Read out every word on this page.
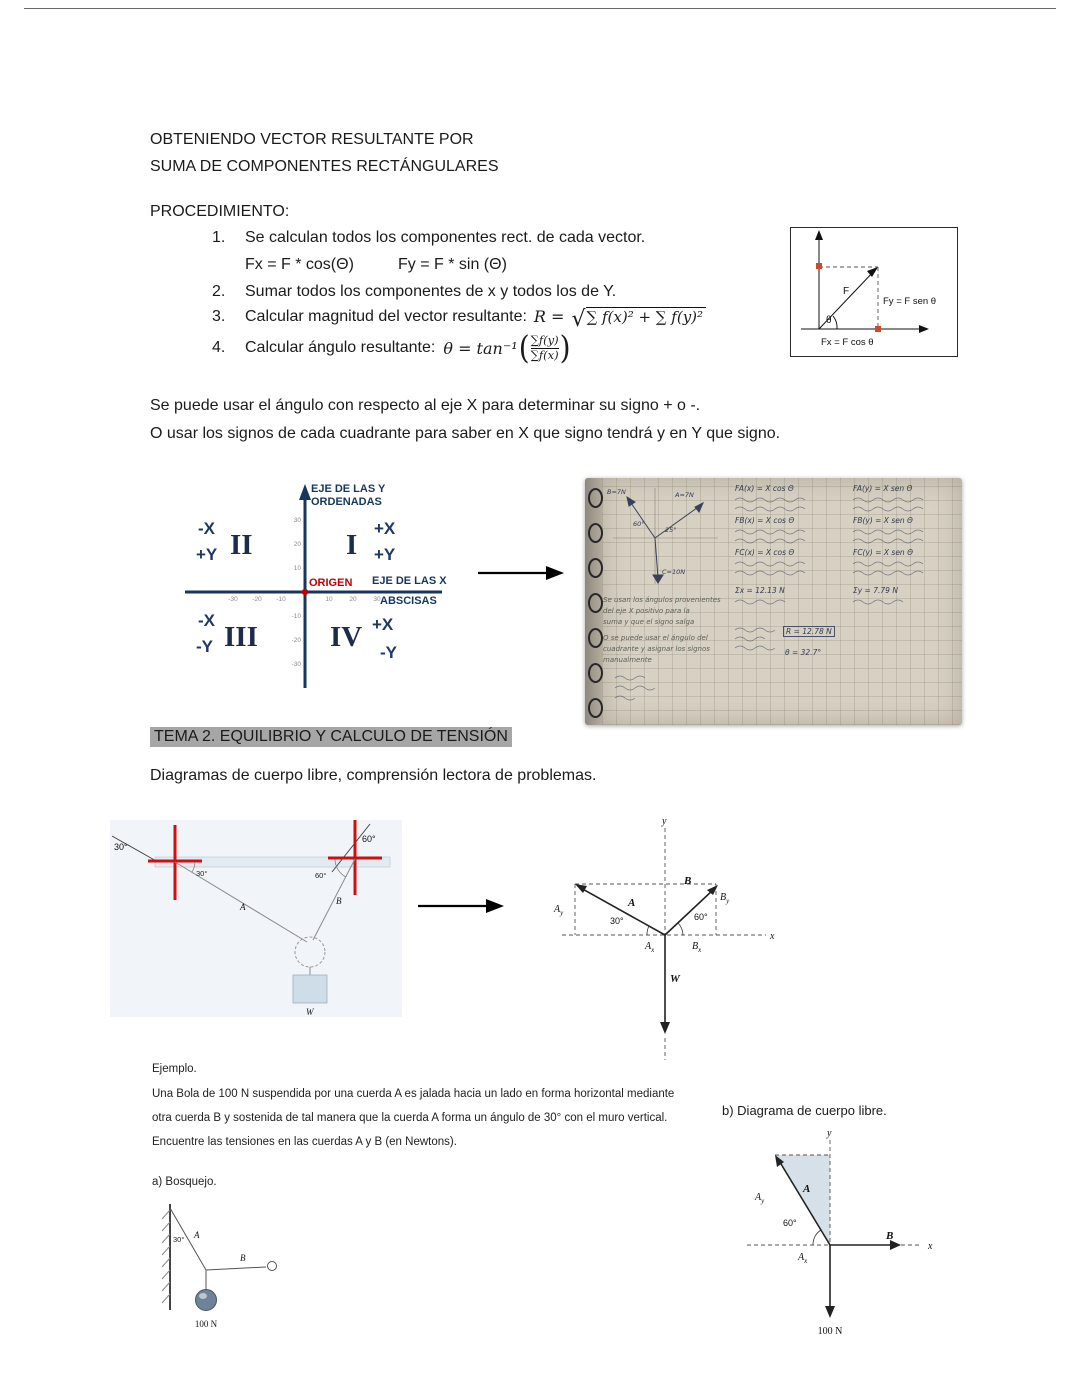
OBTENIENDO VECTOR RESULTANTE POR
SUMA DE COMPONENTES RECTÁNGULARES
PROCEDIMIENTO:
1.	Se calculan todos los componentes rect. de cada vector.
Fx = F * cos(Θ)	Fy = F * sin (Θ)
2.	Sumar todos los componentes de x y todos los de Y.
3.	Calcular magnitud del vector resultante: R = √ ∑ f(x)² + ∑ f(y)²
4.	Calcular ángulo resultante: θ = tan⁻¹ ( $\frac{\sum f(y)}{\sum f(x)}$ )
F
θ
Fy = F sen θ
Fx = F cos θ
Se puede usar el ángulo con respecto al eje X para determinar su signo + o -.
O usar los signos de cada cuadrante para saber en X que signo tendrá y en Y que signo.
-30 -20 -10	10	20	30
30
20
10
-10
-20
-30
EJE DE LAS Y
ORDENADAS
ORIGEN EJE DE LAS X
ABSCISAS
-X
+Y II	I
+X
+Y
-X
-Y III IV +X
-Y
A=7N
B=7N
C=10N
25°
60°
FA(x) = X cos Θ
FB(x) = X cos Θ
FC(x) = X cos Θ
Σx = 12.13 N
FA(y) = X sen Θ
FB(y) = X sen Θ
FC(y) = X sen Θ
Σy = 7.79 N
Se usan los ángulos provenientes
del eje X positivo para la
suma y que el signo salga
O se puede usar el ángulo del
cuadrante y asignar los signos
manualmente
R = 12.78 N
θ = 32.7°
TEMA 2. EQUILIBRIO Y CALCULO DE TENSIÓN
Diagramas de cuerpo libre, comprensión lectora de problemas.
30°
60°
30°	60°
A
B
W
y
x
A
B
W
30°	60°
$A_y$
$A_x$	$B_x$
$B_y$
Ejemplo.
Una Bola de 100 N suspendida por una cuerda A es jalada hacia un lado en forma horizontal mediante
otra cuerda B y sostenida de tal manera que la cuerda A forma un ángulo de 30° con el muro vertical.
Encuentre las tensiones en las cuerdas A y B (en Newtons).
a) Bosquejo.
b) Diagrama de cuerpo libre.
30° A
B
100 N
y
x
A
B
60°
$A_y$
$A_x$
100 N
